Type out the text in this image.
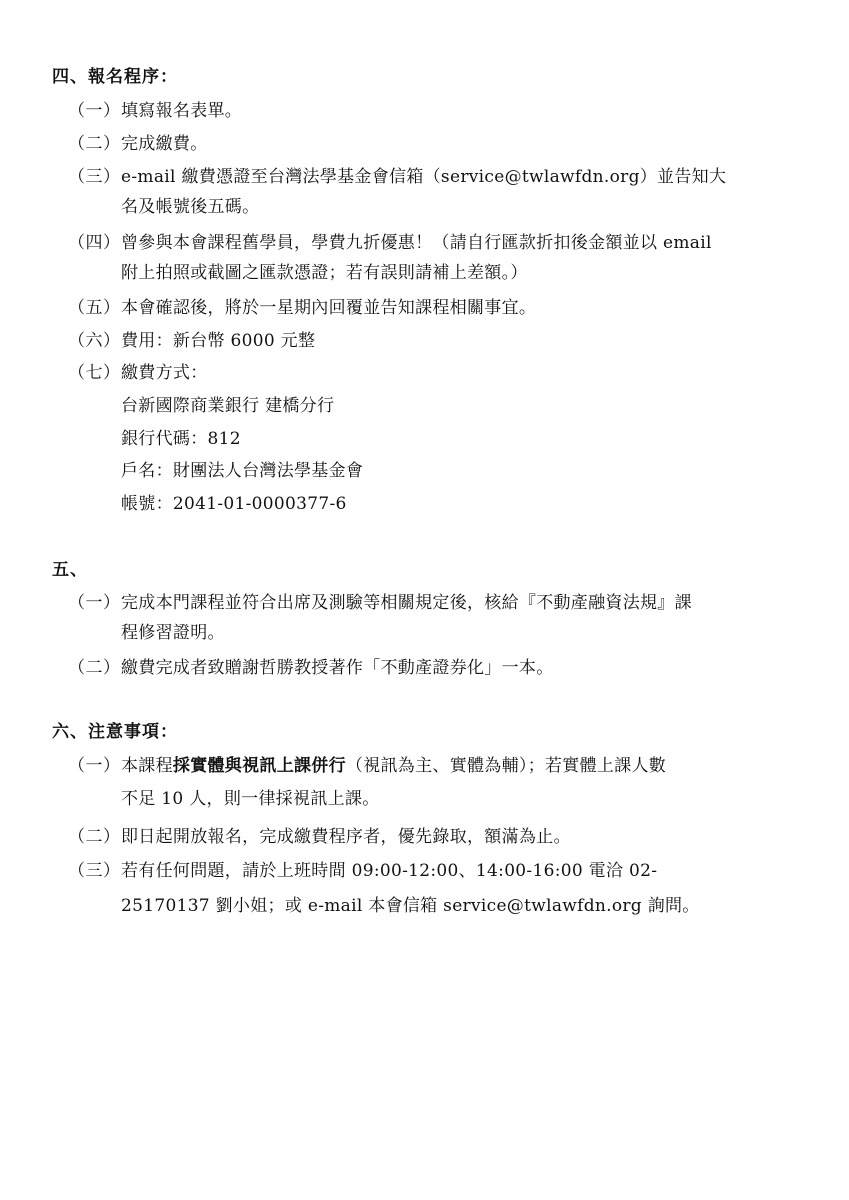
四、報名程序：
（一） 填寫報名表單。
（二） 完成繳費。
（三） e-mail 繳費憑證至台灣法學基金會信箱（service@twlawfdn.org）並告知大
名及帳號後五碼。
（四） 曾參與本會課程舊學員，學費九折優惠！（請自行匯款折扣後金額並以 email
附上拍照或截圖之匯款憑證；若有誤則請補上差額。）
（五） 本會確認後，將於一星期內回覆並告知課程相關事宜。
（六） 費用：新台幣 6000 元整
（七） 繳費方式：
台新國際商業銀行 建橋分行
銀行代碼：812
戶名：財團法人台灣法學基金會
帳號：2041-01-0000377-6
五、
（一） 完成本門課程並符合出席及測驗等相關規定後，核給『不動產融資法規』課
程修習證明。
（二） 繳費完成者致贈謝哲勝教授著作「不動產證券化」一本。
六、注意事項：
（一） 本課程採實體與視訊上課併行（視訊為主、實體為輔）；若實體上課人數
不足 10 人，則一律採視訊上課。
（二） 即日起開放報名，完成繳費程序者，優先錄取，額滿為止。
（三） 若有任何問題，請於上班時間 09:00-12:00、14:00-16:00 電洽 02-
25170137 劉小姐；或 e-mail 本會信箱 service@twlawfdn.org 詢問。
